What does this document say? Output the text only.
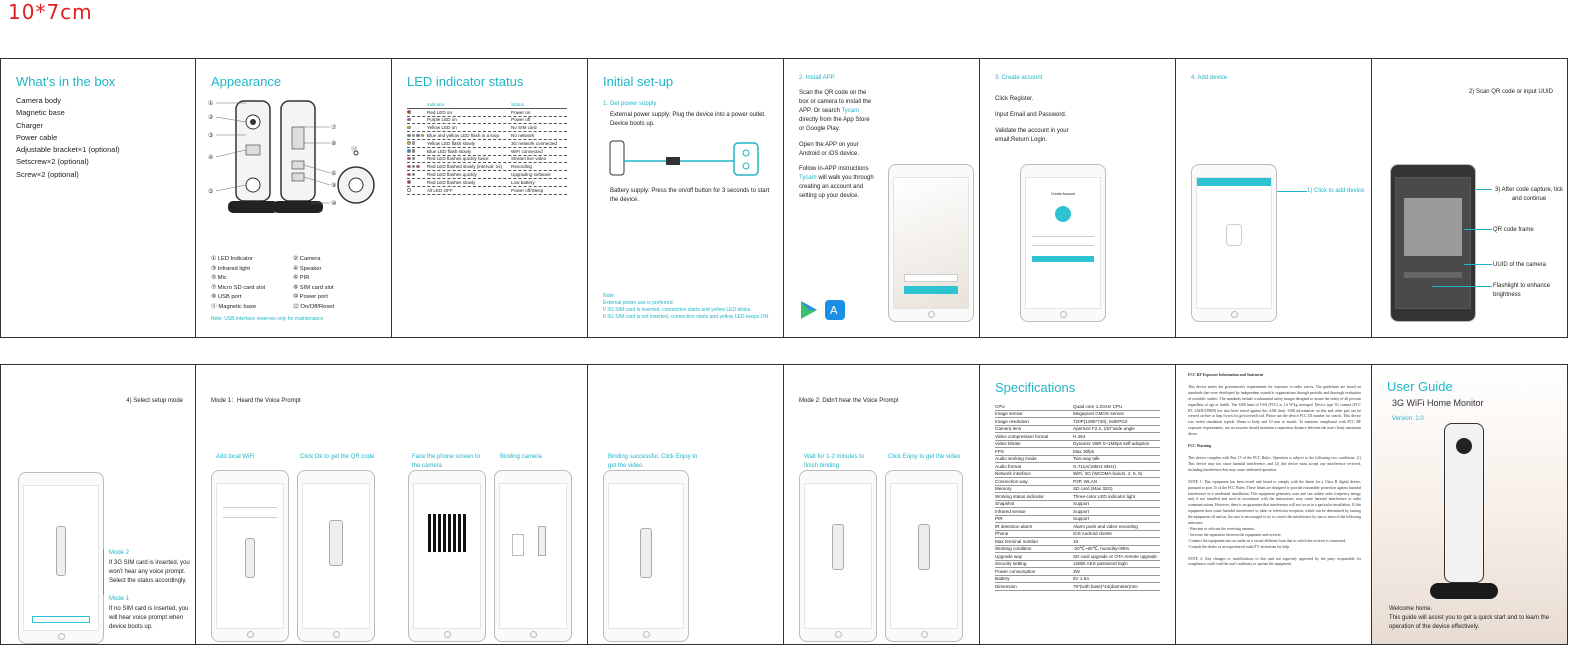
10*7cm
What's in the box
Camera body
Magnetic base
Charger
Power cable
Adjustable bracket×1 (optional)
Setscrew×2 (optional)
Screw×2 (optional)
Appearance
①
②
③
④
⑤
⑦
⑧
⑥
⑨
⑩
⑫
① LED Indicator	② Camera
③ Infrared light	④ Speaker
⑤ Mic	⑥ PIR
⑦ Micro SD card slot	⑧ SIM card slot
⑨ USB port	⑩ Power port
⑪ Magnetic base	⑫ On/Off/Reset
Note: USB interface reserves only for maintenance
LED indicator status
Indicator	Status
Red LED on	Power on
Purple LED on	Power off
Yellow LED on	No SIM card
Blue and yellow LED flash in a loop	No network
Yellow LED flash slowly	3G network connected
Blue LED flash slowly	WiFi connected
Red LED flashes quickly twice	Stream live video
Red LED flashed slowly (interval: 1s)	Recording
Red LED flashes quickly	Upgrading software
Red LED flashes slowly	Low battery
All LED OFF	Power off/Sleep
Initial set-up
1. Get power supply
External power supply: Plug the device into a power outlet. Device boots up.
Battery supply: Press the on/off button for 3 seconds to start the device.
Note:
External power use is preferred.
If 3G SIM card is inserted, connection starts and yellow LED blinks.
If 3G SIM card is not inserted, connection starts and yellow LED keeps ON.
2. Install APP
Scan the QR code on the box or camera to install the APP. Or search Tycam directly from the App Store or Google Play.
Open the APP on your Android or iOS device.
Follow in-APP instructions Tycam will walk you through creating an account and setting up your device.
A
3. Create account
Click Register.
Input Email and Password.
Validate the account in your email.Return Login.
Create Account
4. Add device
1) Click to add device
2) Scan QR code or input UUID
3) After code capture, tick and continue
QR code frame
UUID of the camera
Flashlight to enhance brightness
4) Select setup mode
Mode 2
If 3G SIM card is inserted, you won't hear any voice prompt. Select the status accordingly.
Mode 1
If no SIM card is inserted, you will hear voice prompt when device boots up.
Mode 1：Heard the Voice Prompt
Add local WiFi	Click Ok to get the QR code	Face the phone screen to the camera
Binding camera	Binding successful. Click Enjoy to get the video.
Mode 2: Didn't hear the Voice Prompt
Wait for 1-2 minutes to finish binding
Click Enjoy to get the video
Specifications
CPU	Quad core 1.2GHz CPU
Image sensor	Megapixel CMOS sensor
Image resolution	720P(1280*720), MJEPG2
Camera lens	Aperture F2.2, 110°wide angle
Video compression format	H.264
Video bitrate	Dynamic VBR 0~1Mbps self-adaption
FPS	Max 30fps
Audio working mode	Two-way talk
Audio format	G.711A(16kHz 8kHz)
Network interface	WiFi, 3G (WCDMA band1, 2, 5, 8)
Connection way	P2P, WLAN
Memory	SD card (Max 32G)
Working status indicator	Three-color LED indicator light
Snapshot	Support
Infrared sensor	Support
PIR	Support
IR detection alarm	Alarm push and video recording
Phone	iOS Android clients
Max terminal number	10
Working condition	-20℃~60℃, humidity<95%
Upgrade way	SD card upgrade or OTA remote upgrade
Security setting	128bit AES password login
Power consumption	3W
Battery	5V 1.5A
Dimension	75*(with base)*44(diameter)mm
FCC RF Exposure Information and Statement

This device meets the government's requirements for exposure to radio waves. The guidelines are based on standards that were developed by independent scientific organizations through periodic and thorough evaluation of scientific studies. The standards include a substantial safety margin designed to assure the safety of all persons regardless of age or health. The SAR limit of USA (FCC) is 1.6 W/kg averaged. Device type 3G camera (FCC ID: 2AHUJTB09) has also been tested against this SAR limit. SAR information on this and other pad can be viewed on-line at http://www.fcc.gov/oet/ea/fccid. Please use the device FCC ID number for search. This device was tested simulation typical 10mm to body and 10 mm to mouth. To maintain compliance with FCC RF exposure requirements, use accessories should maintain a separation distance between the user's body maximum above.

FCC Warning

This device complies with Part 15 of the FCC Rules. Operation is subject to the following two conditions: (1) This device may not cause harmful interference, and (2) this device must accept any interference received, including interference that may cause undesired operation.

NOTE 1: This equipment has been tested and found to comply with the limits for a Class B digital device, pursuant to part 15 of the FCC Rules. These limits are designed to provide reasonable protection against harmful interference in a residential installation. This equipment generates, uses and can radiate radio frequency energy and, if not installed and used in accordance with the instructions, may cause harmful interference to radio communications. However, there is no guarantee that interference will not occur in a particular installation. If this equipment does cause harmful interference to radio or television reception, which can be determined by turning the equipment off and on, the user is encouraged to try to correct the interference by one or more of the following measures:

- Reorient or relocate the receiving antenna.
- Increase the separation between the equipment and receiver.
-Connect the equipment into an outlet on a circuit different from that to which the receiver is connected.
-Consult the dealer or an experienced radio/TV technician for help.

NOTE 2: Any changes or modifications to this unit not expressly approved by the party responsible for compliance could void the user's authority to operate the equipment.

User Guide
3G WiFi Home Monitor
Version: 2.0
Welcome home.
This guide will assist you to get a quick start and to learn the operation of the device effectively.
